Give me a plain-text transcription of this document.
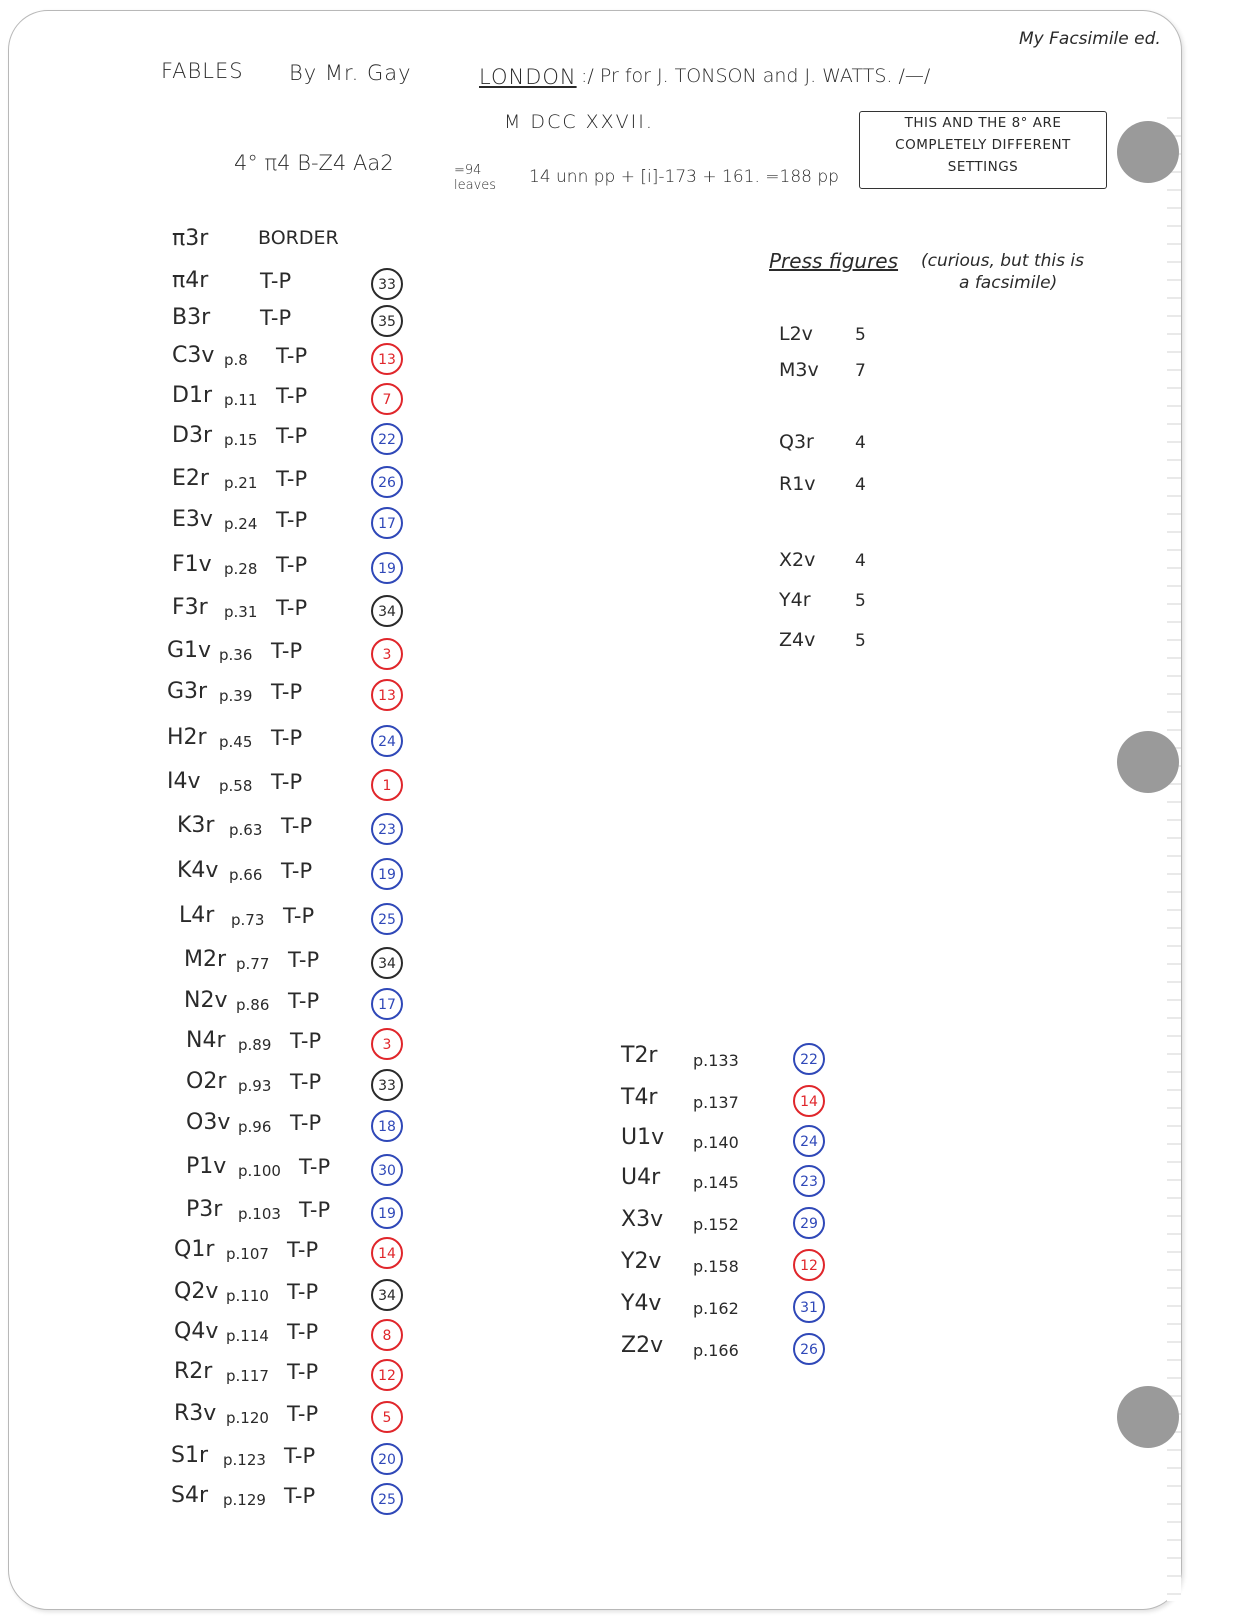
FABLES By Mr. Gay	LONDON :/ Pr for J. TONSON and J. WATTS. /—/
My Facsimile ed.
M DCC XXVII.	THIS AND THE 8° ARE
COMPLETELY DIFFERENT
SETTINGS
4° π4 B-Z4 Aa2	=94 leaves 14 unn pp + [i]-173 + 161. =188 pp
π3r	BORDER
π4r T-P	33
B3r T-P	35
C3v p.8 T-P	13
D1r p.11 T-P	7
D3r p.15 T-P	22
E2r p.21 T-P	26
E3v p.24 T-P	17
F1v p.28 T-P	19
F3r p.31 T-P	34
G1v p.36 T-P	3
G3r p.39 T-P	13
H2r p.45 T-P	24
I4v p.58 T-P	1
K3r p.63 T-P	23
K4v p.66 T-P	19
L4r p.73 T-P	25
M2r p.77 T-P	34
N2v p.86 T-P	17
N4r p.89 T-P	3
O2r p.93 T-P	33
O3v p.96 T-P	18
P1v p.100 T-P	30
P3r p.103 T-P	19
Q1r p.107 T-P	14
Q2v p.110 T-P	34
Q4v p.114 T-P	8
R2r p.117 T-P	12
R3v p.120 T-P	5
S1r p.123 T-P	20
S4r p.129 T-P	25
Press figures (curious, but this is
a facsimile)
L2v 5
M3v 7
Q3r 4
R1v 4
X2v 4
Y4r	5
Z4v 5
T2r p.133	22
T4r p.137	14
U1v p.140	24
U4r p.145	23
X3v p.152	29
Y2v p.158	12
Y4v p.162	31
Z2v p.166	26
